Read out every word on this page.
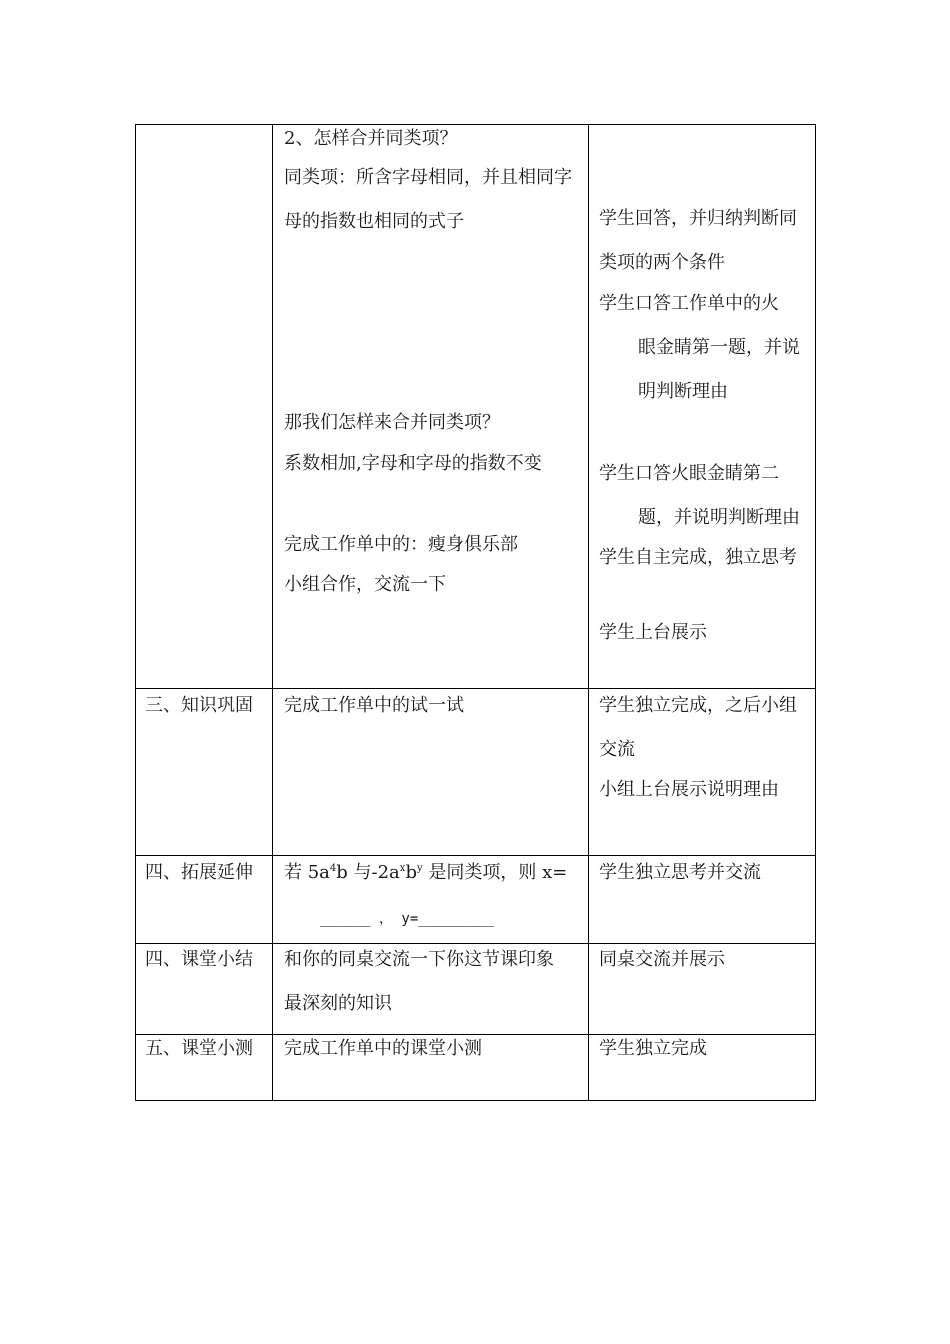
2、怎样合并同类项？
同类项：所含字母相同，并且相同字
母的指数也相同的式子
那我们怎样来合并同类项？
系数相加,字母和字母的指数不变
完成工作单中的：瘦身俱乐部
小组合作，交流一下
学生回答，并归纳判断同
类项的两个条件
学生口答工作单中的火
眼金睛第一题，并说
明判断理由
学生口答火眼金睛第二
题，并说明判断理由
学生自主完成，独立思考
学生上台展示
三、知识巩固 完成工作单中的试一试	学生独立完成，之后小组
交流
小组上台展示说明理由
四、拓展延伸 若 $5a^4b$ 与$-2a^xb^y$ 是同类项，则 x=
______ ， y=_________
学生独立思考并交流
四、课堂小结 和你的同桌交流一下你这节课印象
最深刻的知识
同桌交流并展示
五、课堂小测 完成工作单中的课堂小测	学生独立完成
